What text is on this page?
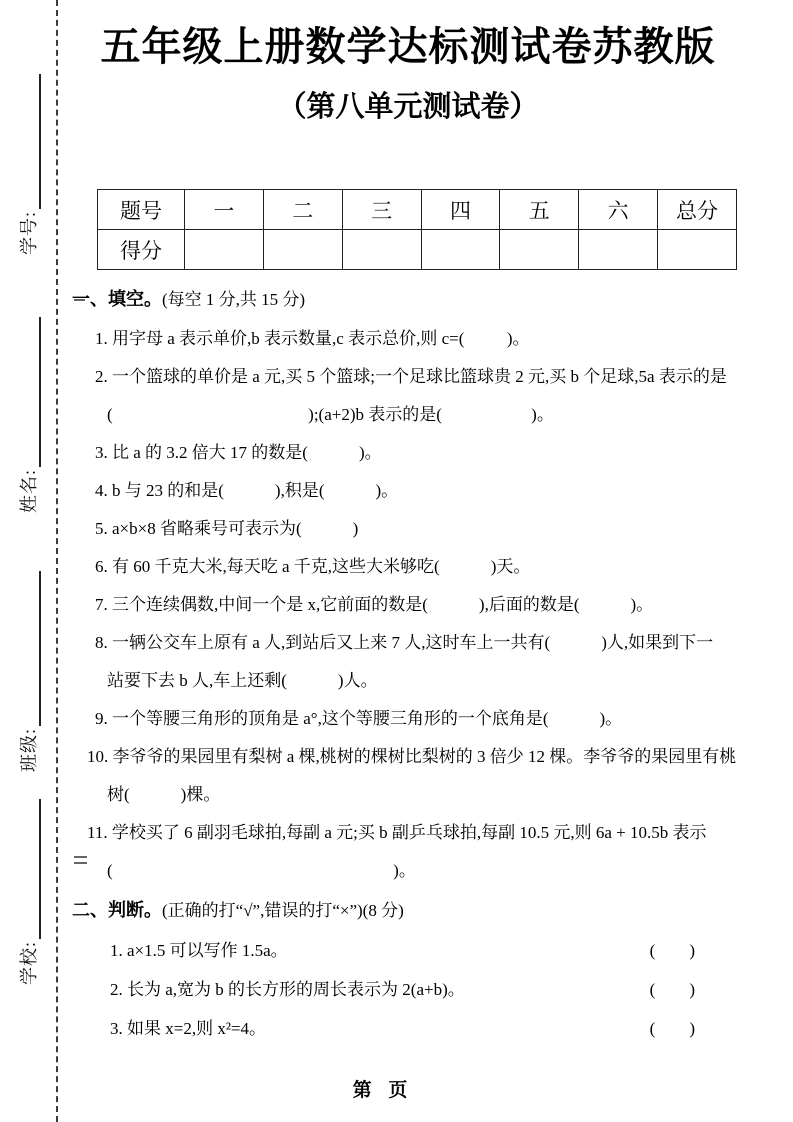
学号:
姓名:
班级:
学校:
五年级上册数学达标测试卷苏教版
（第八单元测试卷）
题号	一	二	三	四	五	六	总分
得分							
一、填空。(每空 1 分,共 15 分)
1. 用字母 a 表示单价,b 表示数量,c 表示总价,则 c=(          )。
2. 一个篮球的单价是 a 元,买 5 个篮球;一个足球比篮球贵 2 元,买 b 个足球,5a 表示的是
(                                              );(a+2)b 表示的是(                     )。
3. 比 a 的 3.2 倍大 17 的数是(            )。
4. b 与 23 的和是(            ),积是(            )。
5. a×b×8 省略乘号可表示为(            )
6. 有 60 千克大米,每天吃 a 千克,这些大米够吃(            )天。
7. 三个连续偶数,中间一个是 x,它前面的数是(            ),后面的数是(            )。
8. 一辆公交车上原有 a 人,到站后又上来 7 人,这时车上一共有(            )人,如果到下一
站要下去 b 人,车上还剩(            )人。
9. 一个等腰三角形的顶角是 a°,这个等腰三角形的一个底角是(            )。
10. 李爷爷的果园里有梨树 a 棵,桃树的棵树比梨树的 3 倍少 12 棵。李爷爷的果园里有桃
树(            )棵。
11. 学校买了 6 副羽毛球拍,每副 a 元;买 b 副乒乓球拍,每副 10.5 元,则 6a + 10.5b 表示
(                                                                  )。
二、判断。(正确的打“√”,错误的打“×”)(8 分)
1. a×1.5 可以写作 1.5a。	(        )
2. 长为 a,宽为 b 的长方形的周长表示为 2(a+b)。	(        )
3. 如果 x=2,则 x²=4。	(        )
第 页
